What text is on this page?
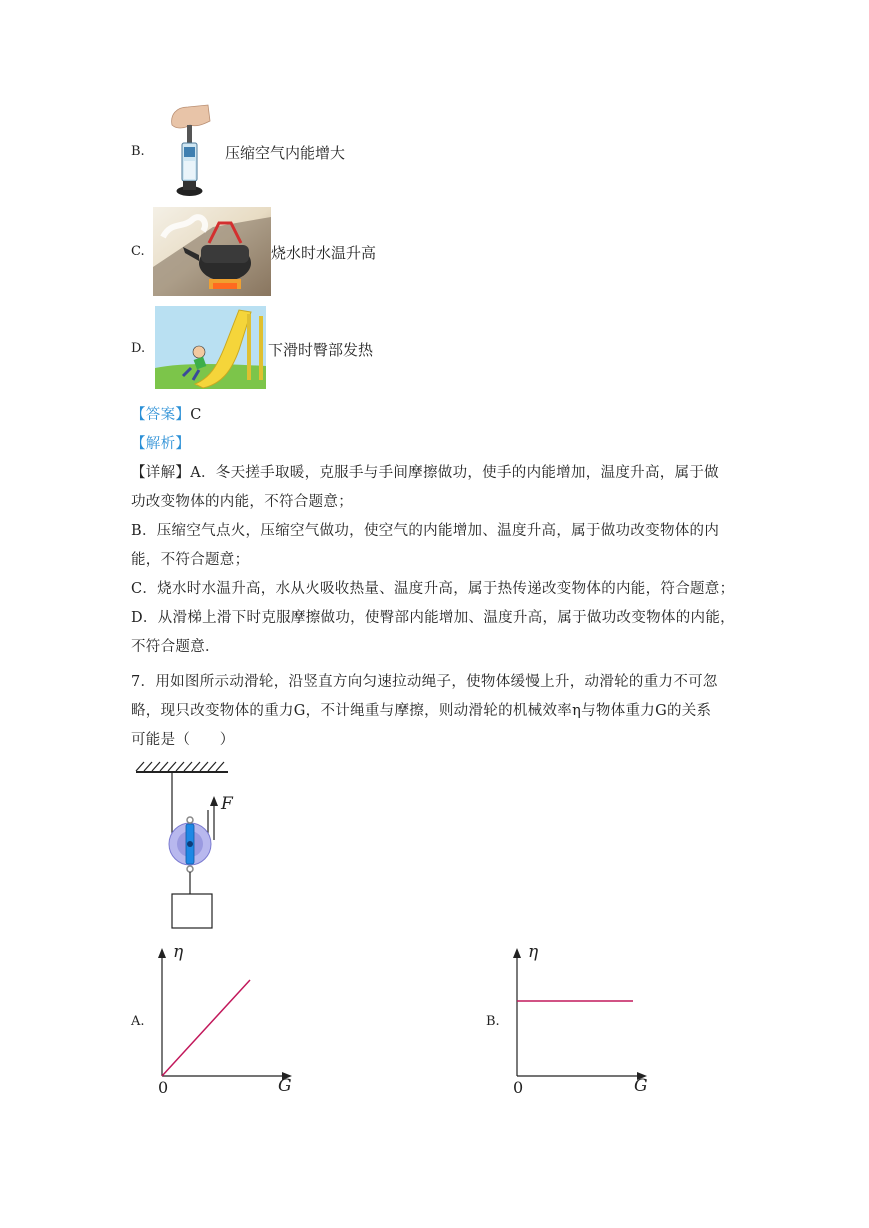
B.	压缩空气内能增大
C.	烧水时水温升高
D.	下滑时臀部发热
【答案】C
【解析】
【详解】A．冬天搓手取暖，克服手与手间摩擦做功，使手的内能增加，温度升高，属于做
功改变物体的内能，不符合题意；
B．压缩空气点火，压缩空气做功，使空气的内能增加、温度升高，属于做功改变物体的内
能，不符合题意；
C．烧水时水温升高，水从火吸收热量、温度升高，属于热传递改变物体的内能，符合题意；
D．从滑梯上滑下时克服摩擦做功，使臀部内能增加、温度升高，属于做功改变物体的内能，
不符合题意．
7．用如图所示动滑轮，沿竖直方向匀速拉动绳子，使物体缓慢上升，动滑轮的重力不可忽
略，现只改变物体的重力G，不计绳重与摩擦，则动滑轮的机械效率η与物体重力G的关系
可能是（　　）
F
A.
η
0	G
B.
η
0	G
